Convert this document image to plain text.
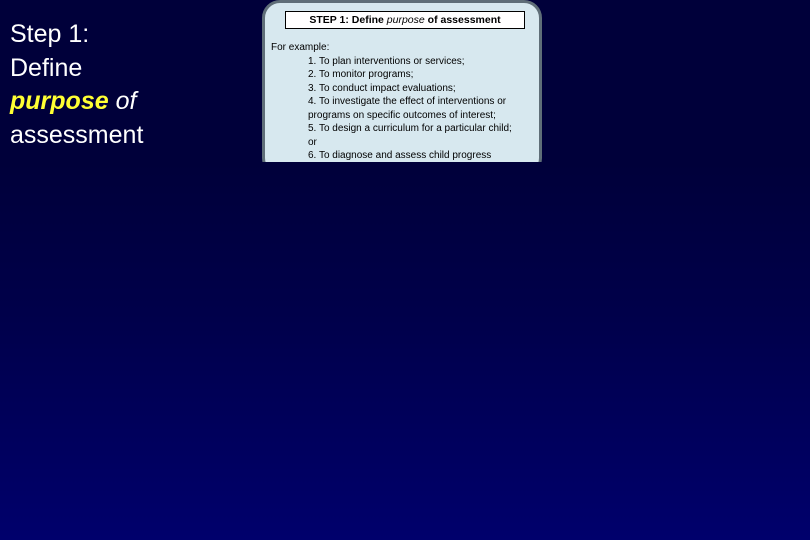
Step 1:
Define
purpose of
assessment
STEP 1: Define purpose of assessment
For example:
1. To plan interventions or services;
2. To monitor programs;
3. To conduct impact evaluations;
4. To investigate the effect of interventions or
programs on specific outcomes of interest;
5. To design a curriculum for a particular child;
or
6. To diagnose and assess child progress
